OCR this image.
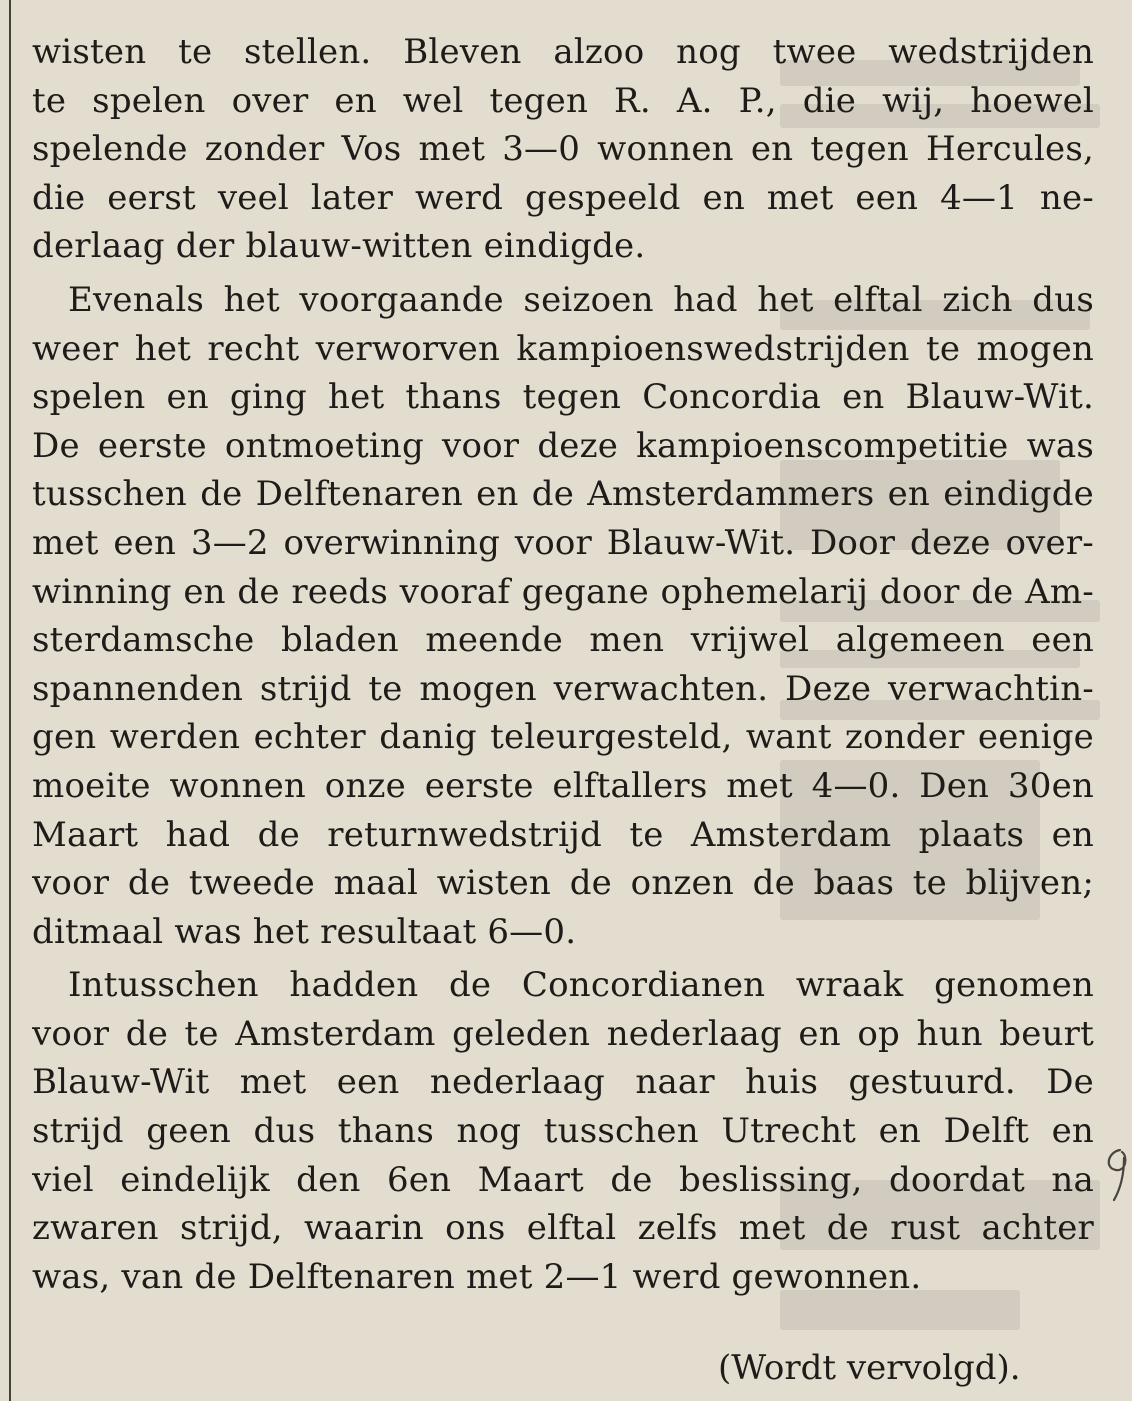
wisten te stellen. Bleven alzoo nog twee wedstrijden
te spelen over en wel tegen R. A. P., die wij, hoewel
spelende zonder Vos met 3—0 wonnen en tegen Hercules,
die eerst veel later werd gespeeld en met een 4—1 ne-
derlaag der blauw-witten eindigde.

Evenals het voorgaande seizoen had het elftal zich dus
weer het recht verworven kampioenswedstrijden te mogen
spelen en ging het thans tegen Concordia en Blauw-Wit.
De eerste ontmoeting voor deze kampioenscompetitie was
tusschen de Delftenaren en de Amsterdammers en eindigde
met een 3—2 overwinning voor Blauw-Wit. Door deze over-
winning en de reeds vooraf gegane ophemelarij door de Am-
sterdamsche bladen meende men vrijwel algemeen een
spannenden strijd te mogen verwachten. Deze verwachtin-
gen werden echter danig teleurgesteld, want zonder eenige
moeite wonnen onze eerste elftallers met 4—0. Den 30en
Maart had de returnwedstrijd te Amsterdam plaats en
voor de tweede maal wisten de onzen de baas te blijven;
ditmaal was het resultaat 6—0.

Intusschen hadden de Concordianen wraak genomen
voor de te Amsterdam geleden nederlaag en op hun beurt
Blauw-Wit met een nederlaag naar huis gestuurd. De
strijd geen dus thans nog tusschen Utrecht en Delft en
viel eindelijk den 6en Maart de beslissing, doordat na
zwaren strijd, waarin ons elftal zelfs met de rust achter
was, van de Delftenaren met 2—1 werd gewonnen.

(Wordt vervolgd).
